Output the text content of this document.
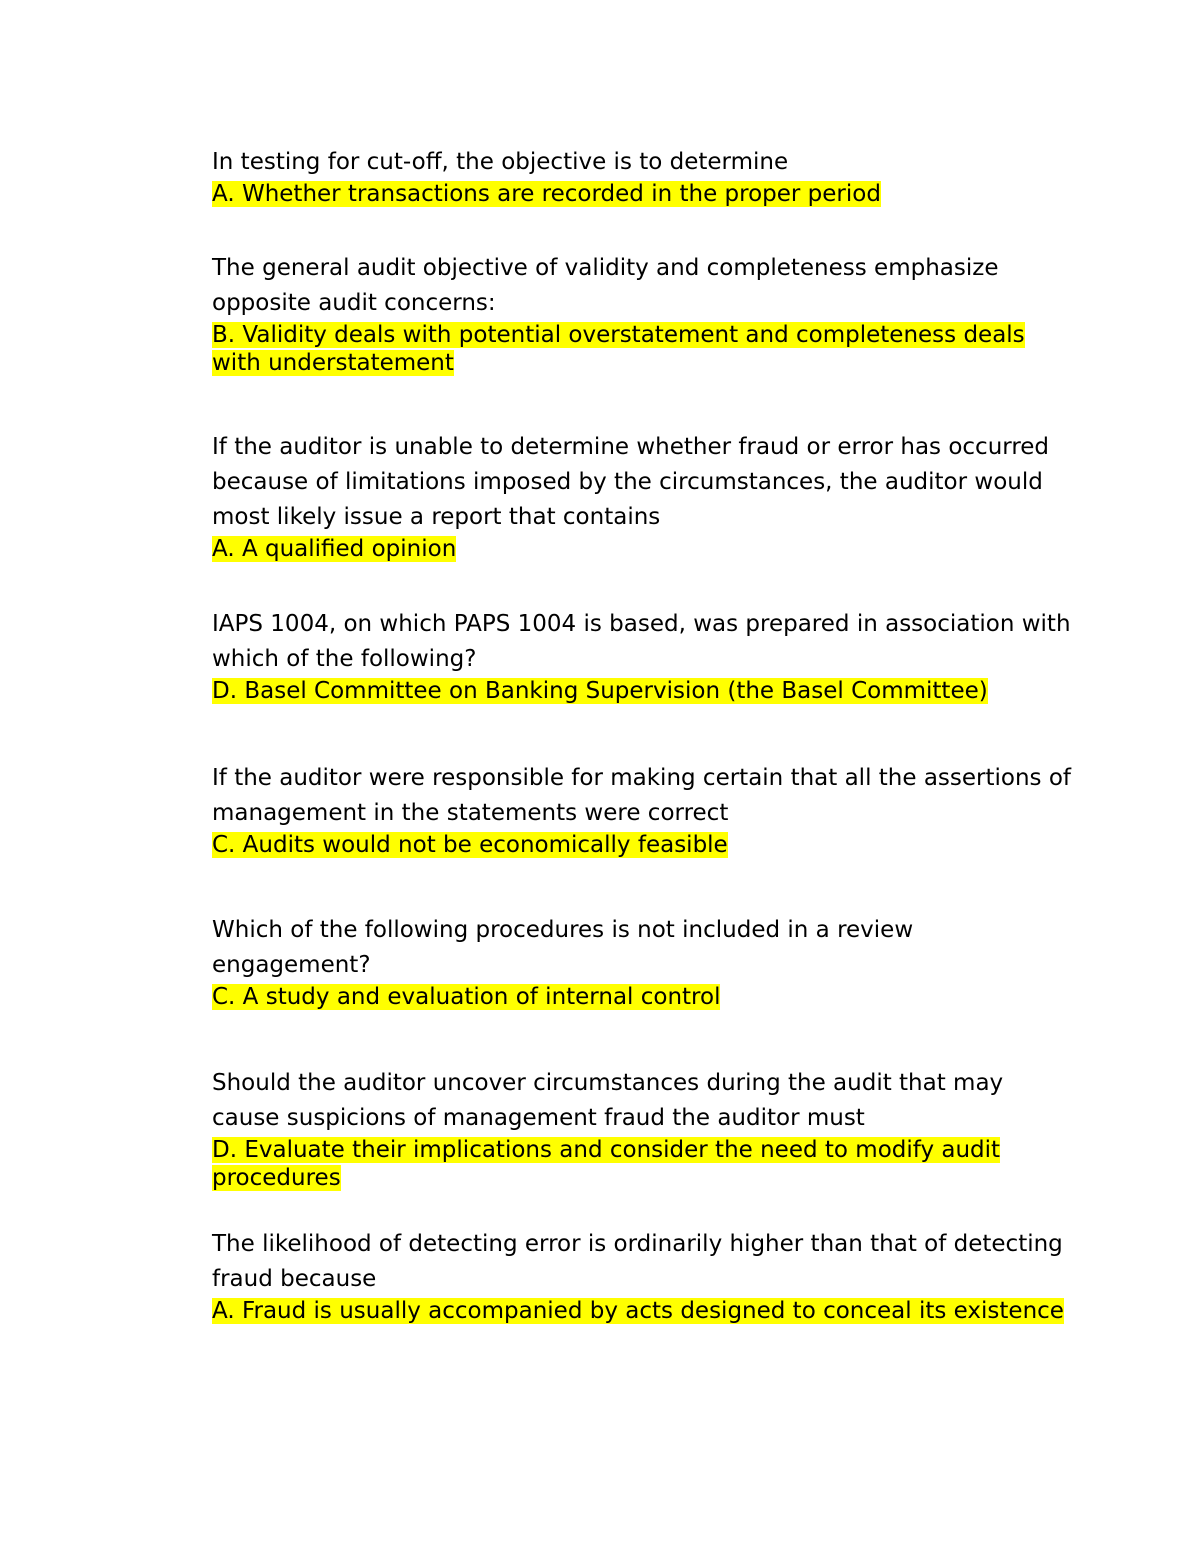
In testing for cut-off, the objective is to determine

A. Whether transactions are recorded in the proper period

The general audit objective of validity and completeness emphasize opposite audit concerns:

B. Validity deals with potential overstatement and completeness deals with understatement

If the auditor is unable to determine whether fraud or error has occurred because of limitations imposed by the circumstances, the auditor would most likely issue a report that contains

A. A qualified opinion

IAPS 1004, on which PAPS 1004 is based, was prepared in association with which of the following?

D. Basel Committee on Banking Supervision (the Basel Committee)

If the auditor were responsible for making certain that all the assertions of management in the statements were correct

C. Audits would not be economically feasible

Which of the following procedures is not included in a review engagement?

C. A study and evaluation of internal control

Should the auditor uncover circumstances during the audit that may cause suspicions of management fraud the auditor must

D. Evaluate their implications and consider the need to modify audit procedures

The likelihood of detecting error is ordinarily higher than that of detecting fraud because

A. Fraud is usually accompanied by acts designed to conceal its existence
